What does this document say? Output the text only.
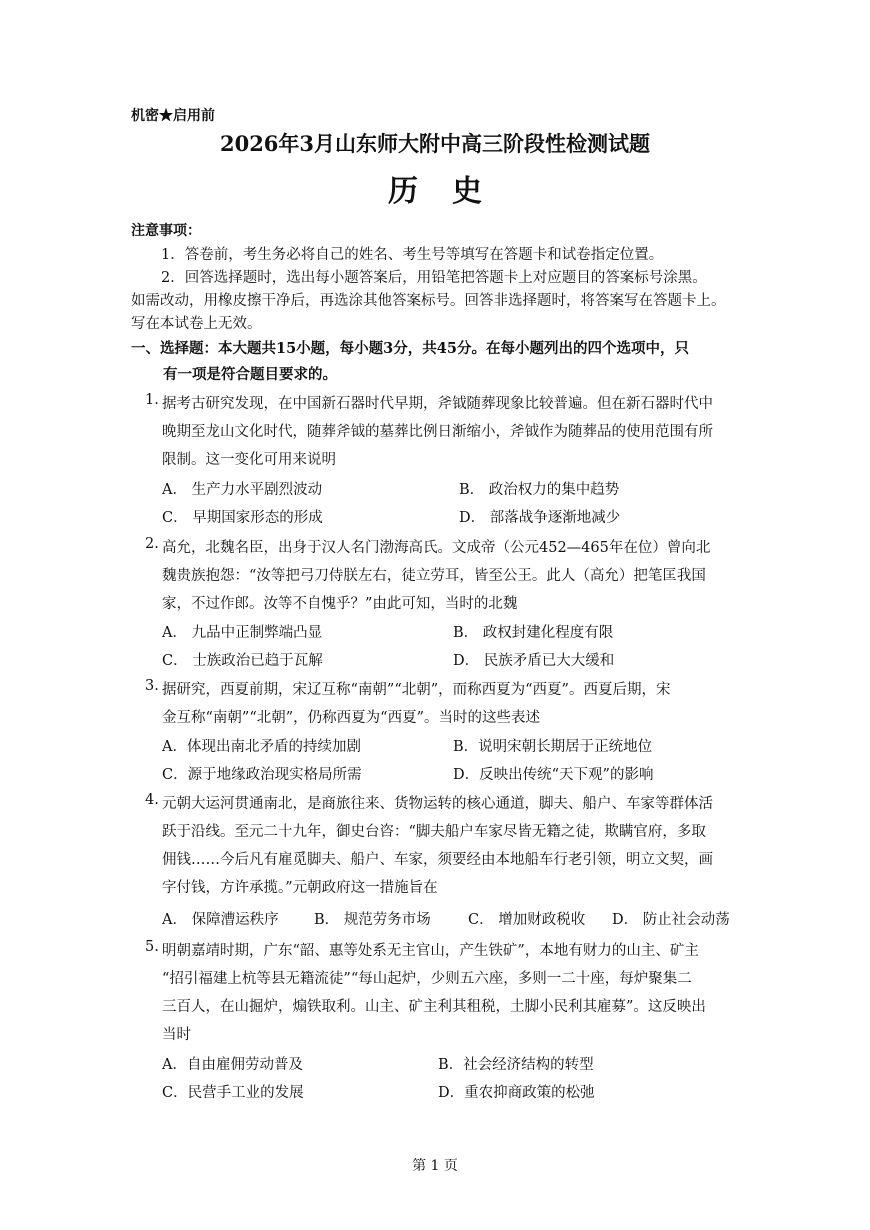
机密★启用前
2026年3月山东师大附中高三阶段性检测试题
历史
注意事项：
1．答卷前，考生务必将自己的姓名、考生号等填写在答题卡和试卷指定位置。
2．回答选择题时，选出每小题答案后，用铅笔把答题卡上对应题目的答案标号涂黑。
如需改动，用橡皮擦干净后，再选涂其他答案标号。回答非选择题时，将答案写在答题卡上。
写在本试卷上无效。
一、选择题：本大题共15小题，每小题3分，共45分。在每小题列出的四个选项中，只
有一项是符合题目要求的。
1. 据考古研究发现，在中国新石器时代早期，斧钺随葬现象比较普遍。但在新石器时代中
晚期至龙山文化时代，随葬斧钺的墓葬比例日渐缩小，斧钺作为随葬品的使用范围有所
限制。这一变化可用来说明
A． 生产力水平剧烈波动	B． 政治权力的集中趋势
C． 早期国家形态的形成	D． 部落战争逐渐地减少
2. 高允，北魏名臣，出身于汉人名门渤海高氏。文成帝（公元452—465年在位）曾向北
魏贵族抱怨：“汝等把弓刀侍朕左右，徒立劳耳，皆至公王。此人（高允）把笔匡我国
家，不过作郎。汝等不自愧乎？”由此可知，当时的北魏
A． 九品中正制弊端凸显	B． 政权封建化程度有限
C． 士族政治已趋于瓦解	D． 民族矛盾已大大缓和
3. 据研究，西夏前期，宋辽互称“南朝”“北朝”，而称西夏为“西夏”。西夏后期，宋
金互称“南朝”“北朝”，仍称西夏为“西夏”。当时的这些表述
A．体现出南北矛盾的持续加剧	B．说明宋朝长期居于正统地位
C．源于地缘政治现实格局所需	D．反映出传统“天下观”的影响
4. 元朝大运河贯通南北，是商旅往来、货物运转的核心通道，脚夫、船户、车家等群体活
跃于沿线。至元二十九年，御史台咨：“脚夫船户车家尽皆无籍之徒，欺瞒官府，多取
佣钱……今后凡有雇觅脚夫、船户、车家，须要经由本地船车行老引领，明立文契，画
字付钱，方许承揽。”元朝政府这一措施旨在
A． 保障漕运秩序 B． 规范劳务市场	C． 增加财政税收 D． 防止社会动荡
5. 明朝嘉靖时期，广东“韶、惠等处系无主官山，产生铁矿”，本地有财力的山主、矿主
“招引福建上杭等县无籍流徒”“每山起炉，少则五六座，多则一二十座，每炉聚集二
三百人，在山掘炉，煽铁取利。山主、矿主利其租税，土脚小民利其雇募”。这反映出
当时
A．自由雇佣劳动普及	B．社会经济结构的转型
C．民营手工业的发展	D．重农抑商政策的松弛
第 1 页
